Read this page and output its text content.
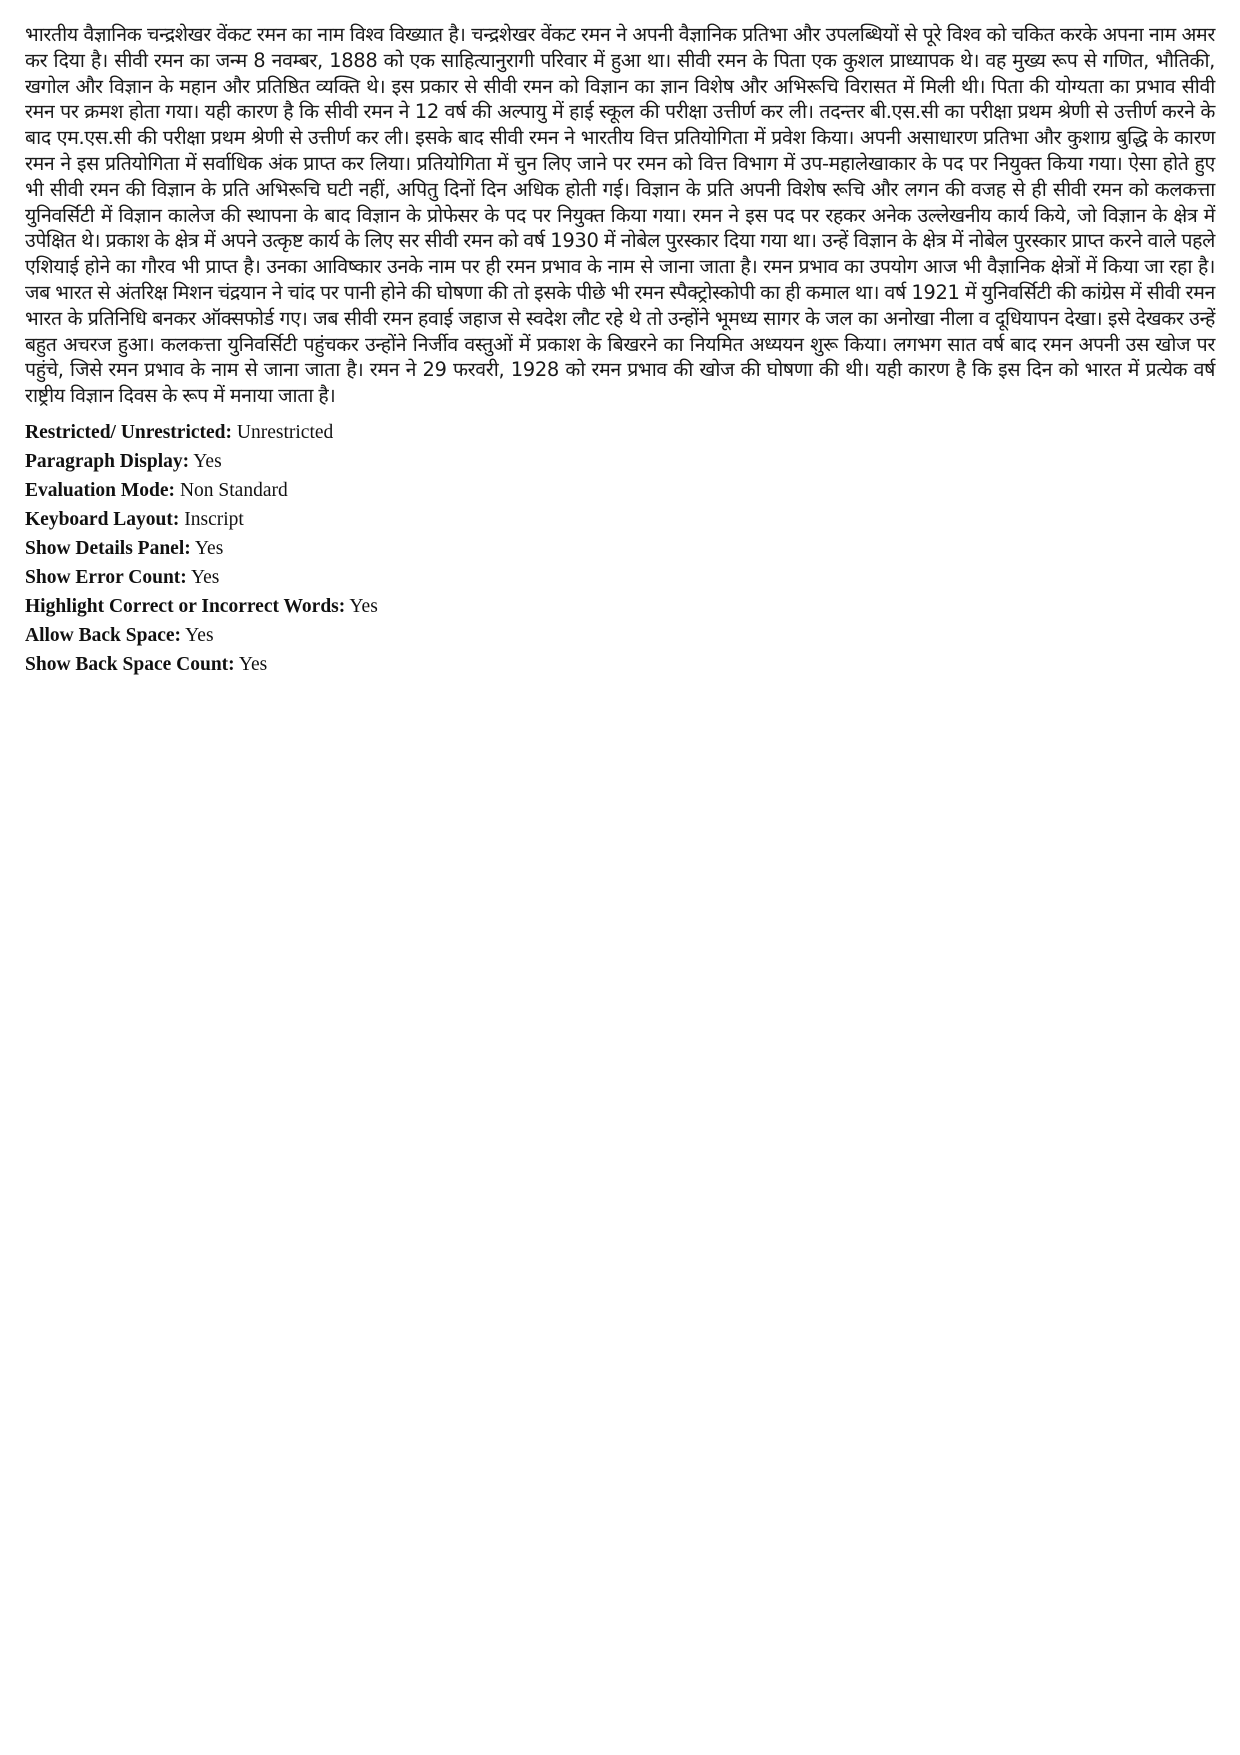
भारतीय वैज्ञानिक चन्द्रशेखर वेंकट रमन का नाम विश्व विख्यात है। चन्द्रशेखर वेंकट रमन ने अपनी वैज्ञानिक प्रतिभा और उपलब्धियों से पूरे विश्व को चकित करके अपना नाम अमर कर दिया है। सीवी रमन का जन्म 8 नवम्बर, 1888 को एक साहित्यानुरागी परिवार में हुआ था। सीवी रमन के पिता एक कुशल प्राध्यापक थे। वह मुख्य रूप से गणित, भौतिकी, खगोल और विज्ञान के महान और प्रतिष्ठित व्यक्ति थे। इस प्रकार से सीवी रमन को विज्ञान का ज्ञान विशेष और अभिरूचि विरासत में मिली थी। पिता की योग्यता का प्रभाव सीवी रमन पर क्रमश होता गया। यही कारण है कि सीवी रमन ने 12 वर्ष की अल्पायु में हाई स्कूल की परीक्षा उत्तीर्ण कर ली। तदन्तर बी.एस.सी का परीक्षा प्रथम श्रेणी से उत्तीर्ण करने के बाद एम.एस.सी की परीक्षा प्रथम श्रेणी से उत्तीर्ण कर ली। इसके बाद सीवी रमन ने भारतीय वित्त प्रतियोगिता में प्रवेश किया। अपनी असाधारण प्रतिभा और कुशाग्र बुद्धि के कारण रमन ने इस प्रतियोगिता में सर्वाधिक अंक प्राप्त कर लिया। प्रतियोगिता में चुन लिए जाने पर रमन को वित्त विभाग में उप-महालेखाकार के पद पर नियुक्त किया गया। ऐसा होते हुए भी सीवी रमन की विज्ञान के प्रति अभिरूचि घटी नहीं, अपितु दिनों दिन अधिक होती गई। विज्ञान के प्रति अपनी विशेष रूचि और लगन की वजह से ही सीवी रमन को कलकत्ता युनिवर्सिटी में विज्ञान कालेज की स्थापना के बाद विज्ञान के प्रोफेसर के पद पर नियुक्त किया गया। रमन ने इस पद पर रहकर अनेक उल्लेखनीय कार्य किये, जो विज्ञान के क्षेत्र में उपेक्षित थे। प्रकाश के क्षेत्र में अपने उत्कृष्ट कार्य के लिए सर सीवी रमन को वर्ष 1930 में नोबेल पुरस्कार दिया गया था। उन्हें विज्ञान के क्षेत्र में नोबेल पुरस्कार प्राप्त करने वाले पहले एशियाई होने का गौरव भी प्राप्त है। उनका आविष्कार उनके नाम पर ही रमन प्रभाव के नाम से जाना जाता है। रमन प्रभाव का उपयोग आज भी वैज्ञानिक क्षेत्रों में किया जा रहा है। जब भारत से अंतरिक्ष मिशन चंद्रयान ने चांद पर पानी होने की घोषणा की तो इसके पीछे भी रमन स्पैक्ट्रोस्कोपी का ही कमाल था। वर्ष 1921 में युनिवर्सिटी की कांग्रेस में सीवी रमन भारत के प्रतिनिधि बनकर ऑक्सफोर्ड गए। जब सीवी रमन हवाई जहाज से स्वदेश लौट रहे थे तो उन्होंने भूमध्य सागर के जल का अनोखा नीला व दूधियापन देखा। इसे देखकर उन्हें बहुत अचरज हुआ। कलकत्ता युनिवर्सिटी पहुंचकर उन्होंने निर्जीव वस्तुओं में प्रकाश के बिखरने का नियमित अध्ययन शुरू किया। लगभग सात वर्ष बाद रमन अपनी उस खोज पर पहुंचे, जिसे रमन प्रभाव के नाम से जाना जाता है। रमन ने 29 फरवरी, 1928 को रमन प्रभाव की खोज की घोषणा की थी। यही कारण है कि इस दिन को भारत में प्रत्येक वर्ष राष्ट्रीय विज्ञान दिवस के रूप में मनाया जाता है।

Restricted/ Unrestricted: Unrestricted
Paragraph Display: Yes
Evaluation Mode: Non Standard
Keyboard Layout: Inscript
Show Details Panel: Yes
Show Error Count: Yes
Highlight Correct or Incorrect Words: Yes
Allow Back Space: Yes
Show Back Space Count: Yes
